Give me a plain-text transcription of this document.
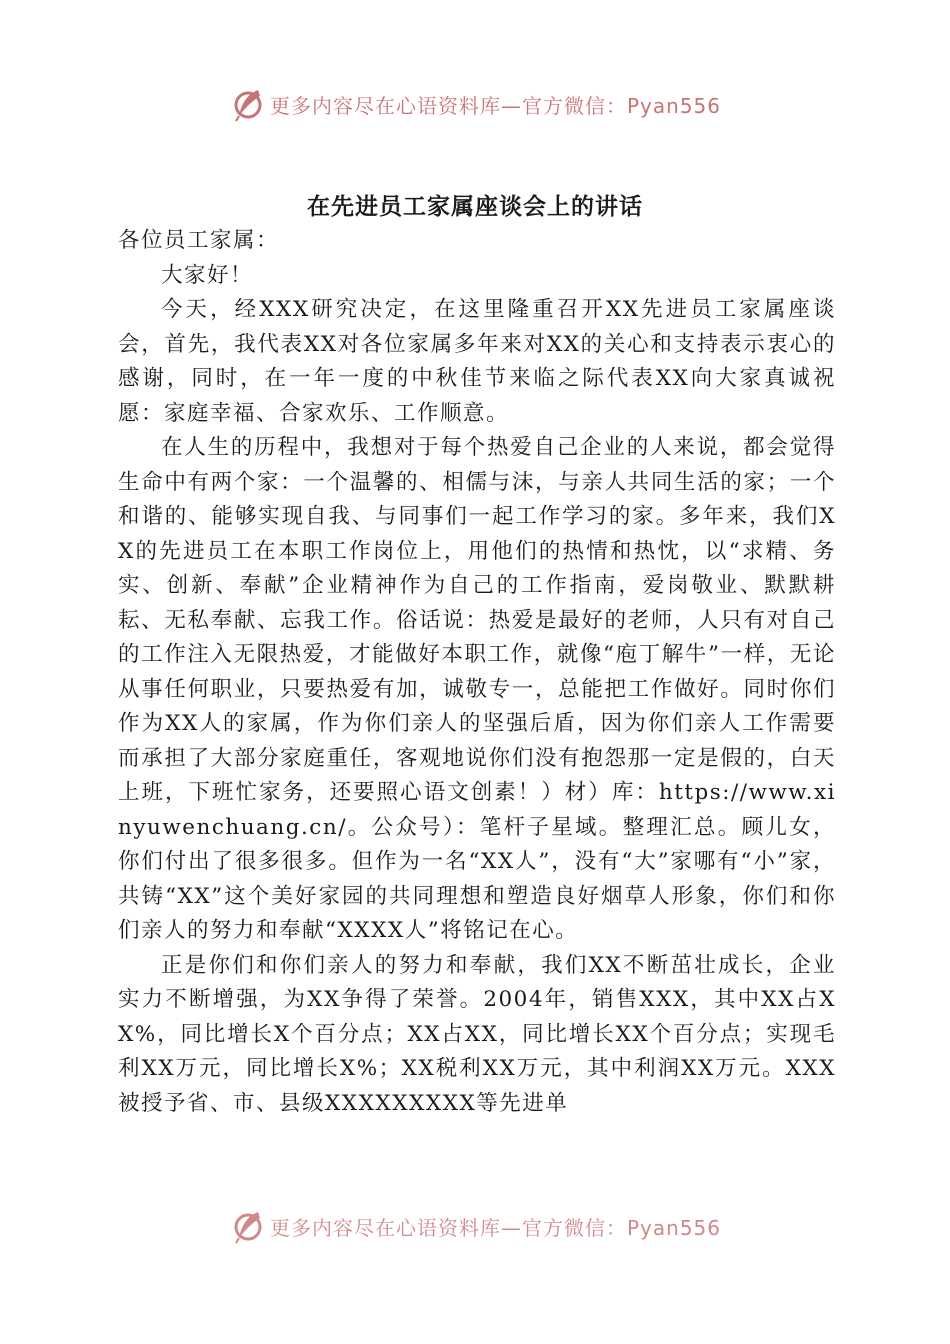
更多内容尽在心语资料库—官方微信：Pyan556
在先进员工家属座谈会上的讲话

各位员工家属：

大家好！

今天，经XXX研究决定，在这里隆重召开XX先进员工家属座谈会，首先，我代表XX对各位家属多年来对XX的关心和支持表示衷心的感谢，同时，在一年一度的中秋佳节来临之际代表XX向大家真诚祝愿：家庭幸福、合家欢乐、工作顺意。

在人生的历程中，我想对于每个热爱自己企业的人来说，都会觉得生命中有两个家：一个温馨的、相儒与沫，与亲人共同生活的家；一个和谐的、能够实现自我、与同事们一起工作学习的家。多年来，我们XX的先进员工在本职工作岗位上，用他们的热情和热忱，以“求精、务实、创新、奉献”企业精神作为自己的工作指南，爱岗敬业、默默耕耘、无私奉献、忘我工作。俗话说：热爱是最好的老师，人只有对自己的工作注入无限热爱，才能做好本职工作，就像“庖丁解牛”一样，无论从事任何职业，只要热爱有加，诚敬专一，总能把工作做好。同时你们作为XX人的家属，作为你们亲人的坚强后盾，因为你们亲人工作需要而承担了大部分家庭重任，客观地说你们没有抱怨那一定是假的，白天上班，下班忙家务，还要照心语文创素！）材）库：https://www.xinyuwenchuang.cn/。公众号）：笔杆子星域。整理汇总。顾儿女，你们付出了很多很多。但作为一名“XX人”，没有“大”家哪有“小”家，共铸“XX”这个美好家园的共同理想和塑造良好烟草人形象，你们和你们亲人的努力和奉献“XXXX人”将铭记在心。

正是你们和你们亲人的努力和奉献，我们XX不断茁壮成长，企业实力不断增强，为XX争得了荣誉。2004年，销售XXX，其中XX占XX%，同比增长X个百分点；XX占XX，同比增长XX个百分点；实现毛利XX万元，同比增长X%；XX税利XX万元，其中利润XX万元。XXX被授予省、市、县级XXXXXXXXX等先进单

更多内容尽在心语资料库—官方微信：Pyan556
